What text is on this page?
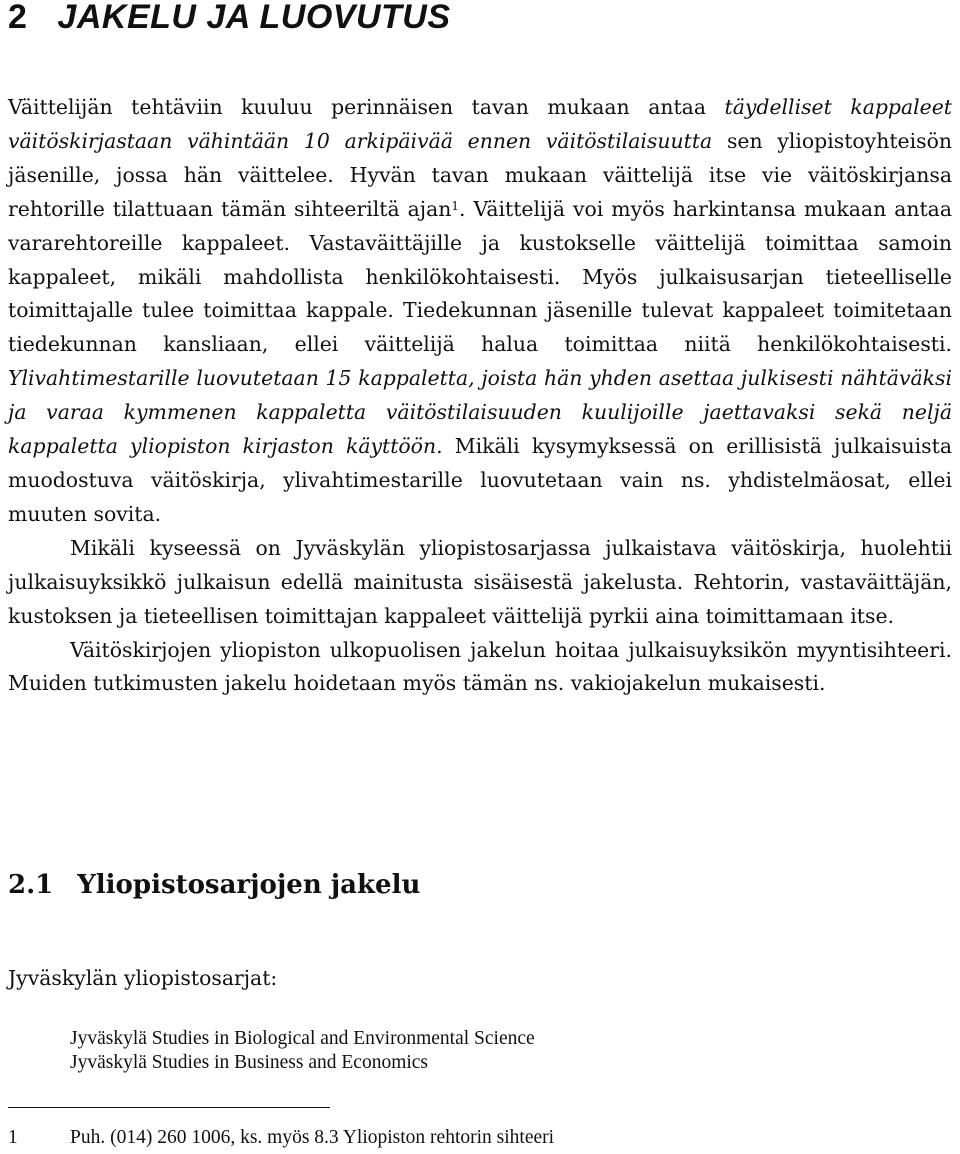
2 JAKELU JA LUOVUTUS

Väittelijän tehtäviin kuuluu perinnäisen tavan mukaan antaa täydelliset kappaleet väitöskirjastaan vähintään 10 arkipäivää ennen väitöstilaisuutta sen yliopistoyhteisön jäsenille, jossa hän väittelee. Hyvän tavan mukaan väittelijä itse vie väitöskirjansa rehtorille tilattuaan tämän sihteeriltä ajan$^1$. Väittelijä voi myös harkintansa mukaan antaa vararehtoreille kappaleet. Vastaväittäjille ja kustokselle väittelijä toimittaa samoin kappaleet, mikäli mahdollista henkilökohtaisesti. Myös julkaisusarjan tieteelliselle toimittajalle tulee toimittaa kappale. Tiedekunnan jäsenille tulevat kappaleet toimitetaan tiedekunnan kansliaan, ellei väittelijä halua toimittaa niitä henkilökohtaisesti. Ylivahtimestarille luovutetaan 15 kappaletta, joista hän yhden asettaa julkisesti nähtäväksi ja varaa kymmenen kappaletta väitöstilaisuuden kuulijoille jaettavaksi sekä neljä kappaletta yliopiston kirjaston käyttöön. Mikäli kysymyksessä on erillisistä julkaisuista muodostuva väitöskirja, ylivahtimestarille luovutetaan vain ns. yhdistelmäosat, ellei muuten sovita.

Mikäli kyseessä on Jyväskylän yliopistosarjassa julkaistava väitöskirja, huolehtii julkaisuyksikkö julkaisun edellä mainitusta sisäisestä jakelusta. Rehtorin, vastaväittäjän, kustoksen ja tieteellisen toimittajan kappaleet väittelijä pyrkii aina toimittamaan itse.

Väitöskirjojen yliopiston ulkopuolisen jakelun hoitaa julkaisuyksikön myyntisihteeri. Muiden tutkimusten jakelu hoidetaan myös tämän ns. vakiojakelun mukaisesti.

2.1 Yliopistosarjojen jakelu
Jyväskylän yliopistosarjat:
Jyväskylä Studies in Biological and Environmental Science
Jyväskylä Studies in Business and Economics
1	Puh. (014) 260 1006, ks. myös 8.3 Yliopiston rehtorin sihteeri
